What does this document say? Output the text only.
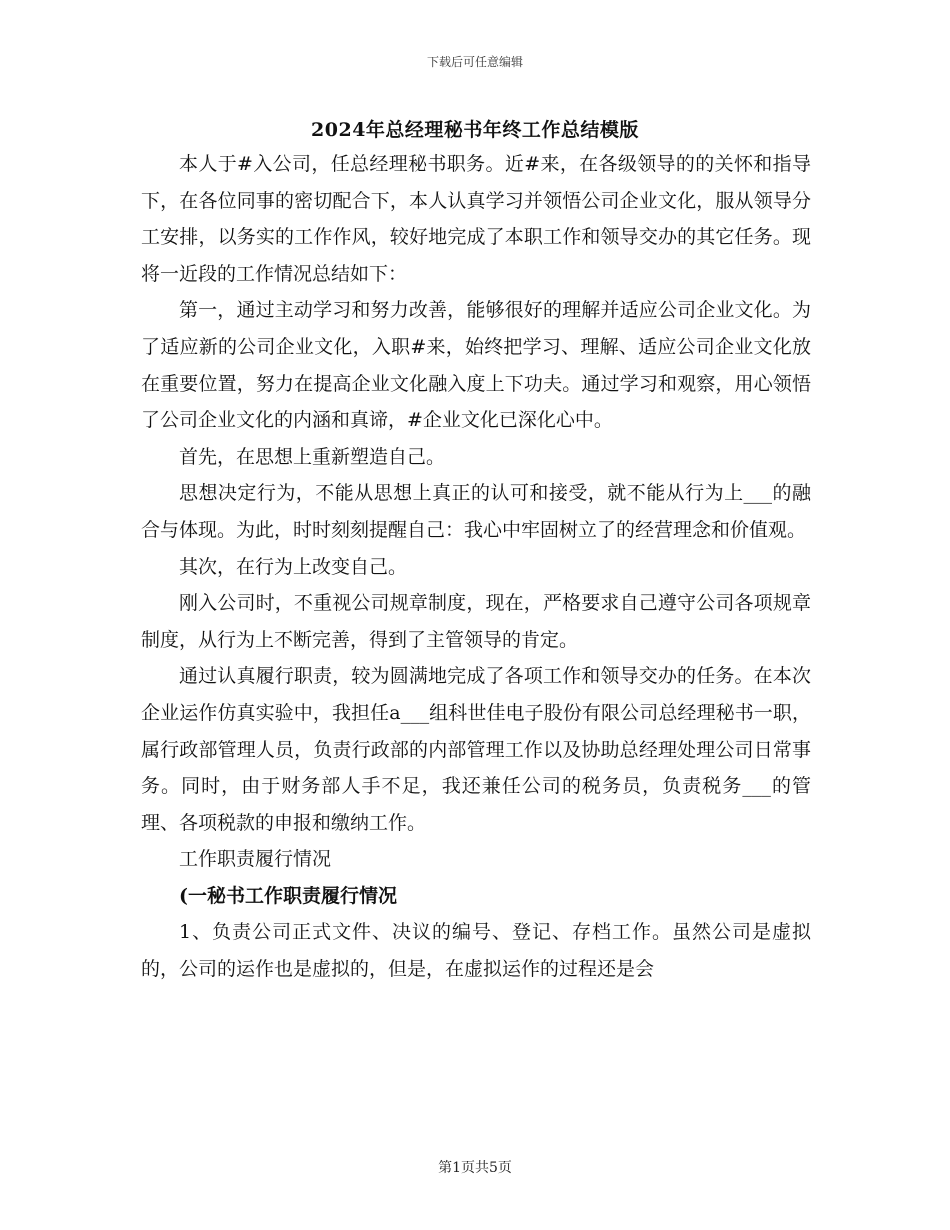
下载后可任意编辑
2024年总经理秘书年终工作总结模版

本人于#入公司，任总经理秘书职务。近#来，在各级领导的的关怀和指导下，在各位同事的密切配合下，本人认真学习并领悟公司企业文化，服从领导分工安排，以务实的工作作风，较好地完成了本职工作和领导交办的其它任务。现将一近段的工作情况总结如下：

第一，通过主动学习和努力改善，能够很好的理解并适应公司企业文化。为了适应新的公司企业文化，入职#来，始终把学习、理解、适应公司企业文化放在重要位置，努力在提高企业文化融入度上下功夫。通过学习和观察，用心领悟了公司企业文化的内涵和真谛，#企业文化已深化心中。

首先，在思想上重新塑造自己。

思想决定行为，不能从思想上真正的认可和接受，就不能从行为上___的融合与体现。为此，时时刻刻提醒自己：我心中牢固树立了的经营理念和价值观。

其次，在行为上改变自己。

刚入公司时，不重视公司规章制度，现在，严格要求自己遵守公司各项规章制度，从行为上不断完善，得到了主管领导的肯定。

通过认真履行职责，较为圆满地完成了各项工作和领导交办的任务。在本次企业运作仿真实验中，我担任a___组科世佳电子股份有限公司总经理秘书一职，属行政部管理人员，负责行政部的内部管理工作以及协助总经理处理公司日常事务。同时，由于财务部人手不足，我还兼任公司的税务员，负责税务___的管理、各项税款的申报和缴纳工作。

工作职责履行情况

(一秘书工作职责履行情况

1、负责公司正式文件、决议的编号、登记、存档工作。虽然公司是虚拟的，公司的运作也是虚拟的，但是，在虚拟运作的过程还是会

第1页共5页
